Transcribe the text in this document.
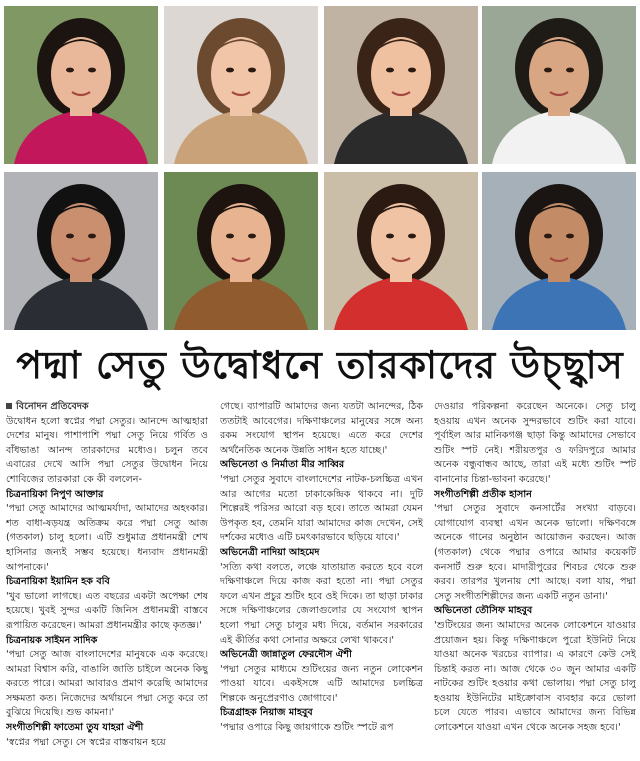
পদ্মা সেতু উদ্বোধনে তারকাদের উচ্ছ্বাস

বিনোদন প্রতিবেদক

উদ্বোধন হলো স্বপ্নের পদ্মা সেতুর। আনন্দে আত্মহারা দেশের মানুষ। পাশাপাশি পদ্মা সেতু নিয়ে গর্বিত ও বাঁধভাঙা আনন্দ তারকাদের মধ্যেও। চলুন তবে এবারের দেখে আসি পদ্মা সেতুর উদ্বোধন নিয়ে শোবিজের তারকারা কে কী বললেন-

চিত্রনায়িকা নিপুণ আক্তার

'পদ্মা সেতু আমাদের আত্মমর্যাদা, আমাদের অহংকার। শত বাধা-ষড়যন্ত্র অতিক্রম করে পদ্মা সেতু আজ (গতকাল) চালু হলো। এটি শুধুমাত্র প্রধানমন্ত্রী শেখ হাসিনার জন্যই সম্ভব হয়েছে। ধন্যবাদ প্রধানমন্ত্রী আপনাকে।'

চিত্রনায়িকা ইয়ামিন হক ববি

'খুব ভালো লাগছে। এত বছরের একটা অপেক্ষা শেষ হয়েছে। খুবই সুন্দর একটি জিনিস প্রধানমন্ত্রী বাস্তবে রূপায়িত করেছেন। আমরা প্রধানমন্ত্রীর কাছে কৃতজ্ঞ।'

চিত্রনায়ক সাইমন সাদিক

'পদ্মা সেতু আজ বাংলাদেশের মানুষকে এক করেছে। আমরা বিশ্বাস করি, বাঙালি জাতি চাইলে অনেক কিছু করতে পারে। আমরা আবারও প্রমাণ করেছি আমাদের সক্ষমতা কত। নিজেদের অর্থায়নে পদ্মা সেতু করে তা বুঝিয়ে দিয়েছি। শুভ কামনা।'

সংগীতশিল্পী ফাতেমা তুয যাহরা ঐশী

'স্বপ্নের পদ্মা সেতু। সে স্বপ্নের বাস্তবায়ন হয়ে

গেছে। ব্যাপারটি আমাদের জন্য যতটা আনন্দের, ঠিক ততটাই আবেগের। দক্ষিণাঞ্চলের মানুষের সঙ্গে অন্য রকম সংযোগ স্থাপন হয়েছে। এতে করে দেশের অর্থনৈতিক অনেক উন্নতি সাধন হতে যাচ্ছে।'

অভিনেতা ও নির্মাতা মীর সাব্বির

'পদ্মা সেতুর সুবাদে বাংলাদেশের নাটক-চলচ্চিত্র এখন আর আগের মতো ঢাকাকেন্দ্রিক থাকবে না। দুটি শিল্পেরই পরিসর আরো বড় হবে। তাতে আমরা যেমন উপকৃত হব, তেমনি যারা আমাদের কাজ দেখেন, সেই দর্শকের মধ্যেও এটি চমৎকারভাবে ছড়িয়ে যাবে।'

অভিনেত্রী নাদিয়া আহমেদ

'সত্যি কথা বলতে, লঞ্চে যাতায়াত করতে হবে বলে দক্ষিণাঞ্চলে দিয়ে কাজ করা হতো না। পদ্মা সেতুর ফলে এখন প্রচুর শুটিং হবে ওই দিকে। তা ছাড়া ঢাকার সঙ্গে দক্ষিণাঞ্চলের জেলাগুলোর যে সংযোগ স্থাপন হলো পদ্মা সেতু চালুর মধ্য দিয়ে, বর্তমান সরকারের এই কীর্তির কথা সোনার অক্ষরে লেখা থাকবে।'

অভিনেত্রী জান্নাতুল ফেরদৌস ঐশী

'পদ্মা সেতুর মাধ্যমে শুটিংয়ের জন্য নতুন লোকেশন পাওয়া যাবে। একইসঙ্গে এটি আমাদের চলচ্চিত্র শিল্পকে অনুপ্রেরণাও জোগাবে।'

চিত্রগ্রাহক নিয়াজ মাহবুব

'পদ্মার ওপারে কিছু জায়গাকে শুটিং স্পটে রূপ

দেওয়ার পরিকল্পনা করেছেন অনেকে। সেতু চালু হওয়ায় এখন অনেক সুন্দরভাবে শুটিং করা যাবে। পূর্বাইল আর মানিকগঞ্জ ছাড়া কিন্তু আমাদের সেভাবে শুটিং স্পট নেই। শরীয়তপুর ও ফরিদপুরে আমার অনেক বন্ধুবান্ধব আছে, তারা এই মধ্যে শুটিং স্পট বানানোর চিন্তা-ভাবনা করেছে।'

সংগীতশিল্পী প্রতীক হাসান

'পদ্মা সেতুর সুবাদে কনসার্টের সংখ্যা বাড়বে। যোগাযোগ ব্যবস্থা এখন অনেক ভালো। দক্ষিণবঙ্গে অনেকে গানের অনুষ্ঠান আয়োজন করছেন। আজ (গতকাল) থেকে পদ্মার ওপারে আমার কয়েকটি কনসার্ট শুরু হবে। মাদারীপুরের শিবচর থেকে শুরু করব। তারপর খুলনায় শো আছে। বলা যায়, পদ্মা সেতু সংগীতশিল্পীদের জন্য একটি নতুন ডানা।'

অভিনেতা তৌসিফ মাহবুব

'শুটিংয়ের জন্য আমাদের অনেক লোকেশনে যাওয়ার প্রয়োজন হয়। কিন্তু দক্ষিণাঞ্চলে পুরো ইউনিট নিয়ে যাওয়া অনেক খরচের ব্যাপার। এ কারণে কেউ সেই চিন্তাই করত না। আজ থেকে ৩০ জুন আমার একটি নাটকের শুটিং হওয়ার কথা ভোলায়। পদ্মা সেতু চালু হওয়ায় ইউনিটের মাইক্রোবাস ব্যবহার করে ভোলা চলে যেতে পারব। এভাবে আমাদের জন্য বিভিন্ন লোকেশনে যাওয়া এখন থেকে অনেক সহজ হবে।'
